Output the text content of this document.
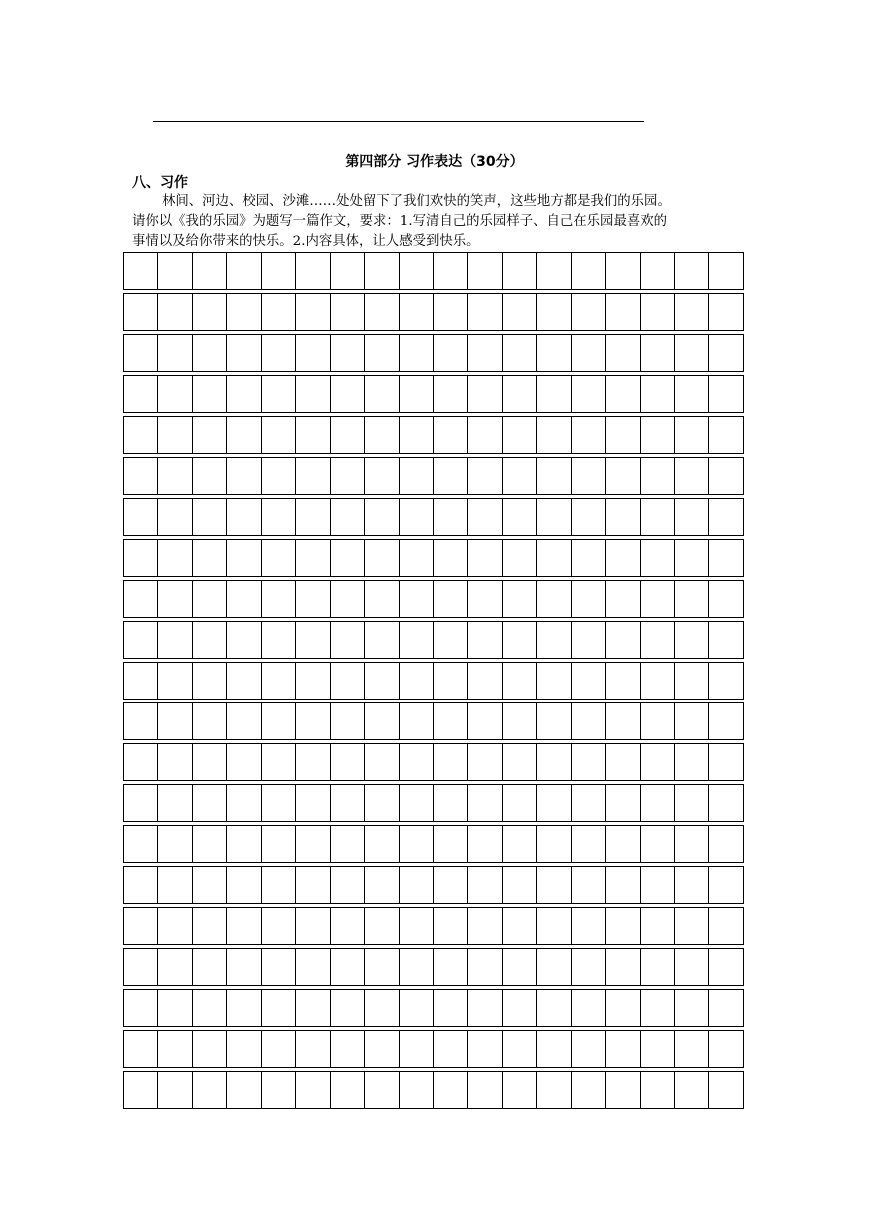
第四部分 习作表达（30分）
八、习作

林间、河边、校园、沙滩……处处留下了我们欢快的笑声，这些地方都是我们的乐园。

请你以《我的乐园》为题写一篇作文，要求：1.写清自己的乐园样子、自己在乐园最喜欢的

事情以及给你带来的快乐。2.内容具体，让人感受到快乐。
